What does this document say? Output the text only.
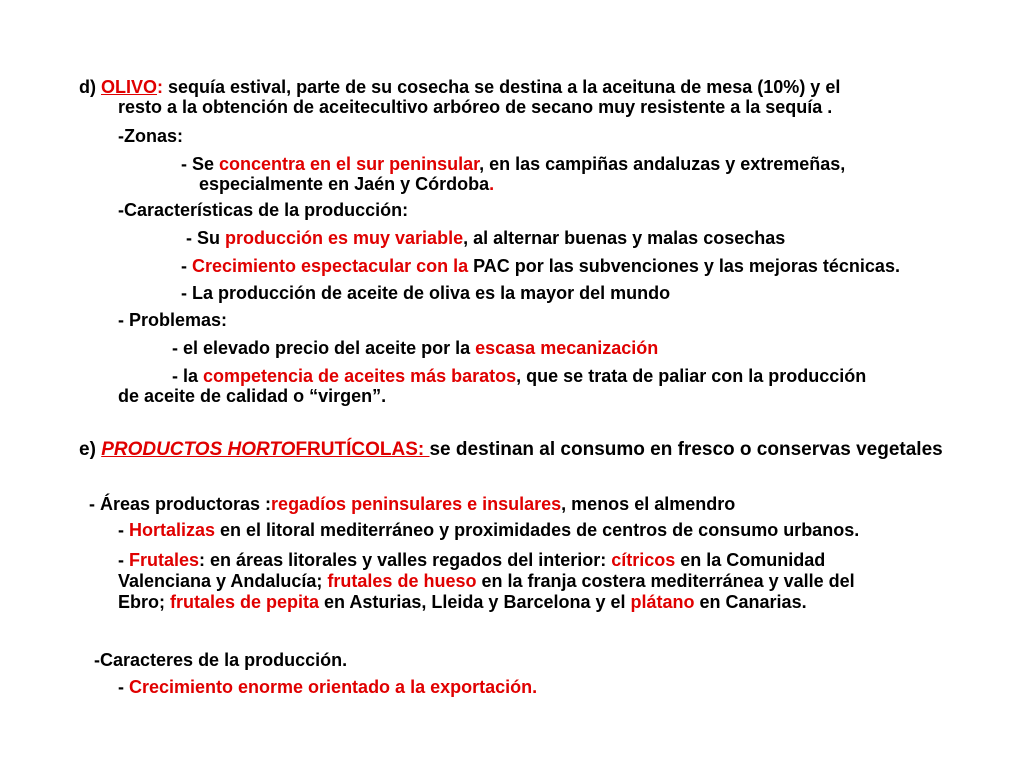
d) OLIVO: sequía estival, parte de su cosecha se destina a la aceituna de mesa (10%) y el
resto a la obtención de aceitecultivo arbóreo de secano muy resistente a la sequía .
-Zonas:
- Se concentra en el sur peninsular, en las campiñas andaluzas y extremeñas,
especialmente en Jaén y Córdoba.
-Características de la producción:
- Su producción es muy variable, al alternar buenas y malas cosechas
- Crecimiento espectacular con la PAC por las subvenciones y las mejoras técnicas.
- La producción de aceite de oliva es la mayor del mundo
- Problemas:
- el elevado precio del aceite por la escasa mecanización
- la competencia de aceites más baratos, que se trata de paliar con la producción
de aceite de calidad o “virgen”.
e) PRODUCTOS HORTOFRUTÍCOLAS: se destinan al consumo en fresco o conservas vegetales
- Áreas productoras :regadíos peninsulares e insulares, menos el almendro
- Hortalizas en el litoral mediterráneo y proximidades de centros de consumo urbanos.
- Frutales: en áreas litorales y valles regados del interior: cítricos en la Comunidad
Valenciana y Andalucía; frutales de hueso en la franja costera mediterránea y valle del
Ebro; frutales de pepita en Asturias, Lleida y Barcelona y el plátano en Canarias.
-Caracteres de la producción.
- Crecimiento enorme orientado a la exportación.
